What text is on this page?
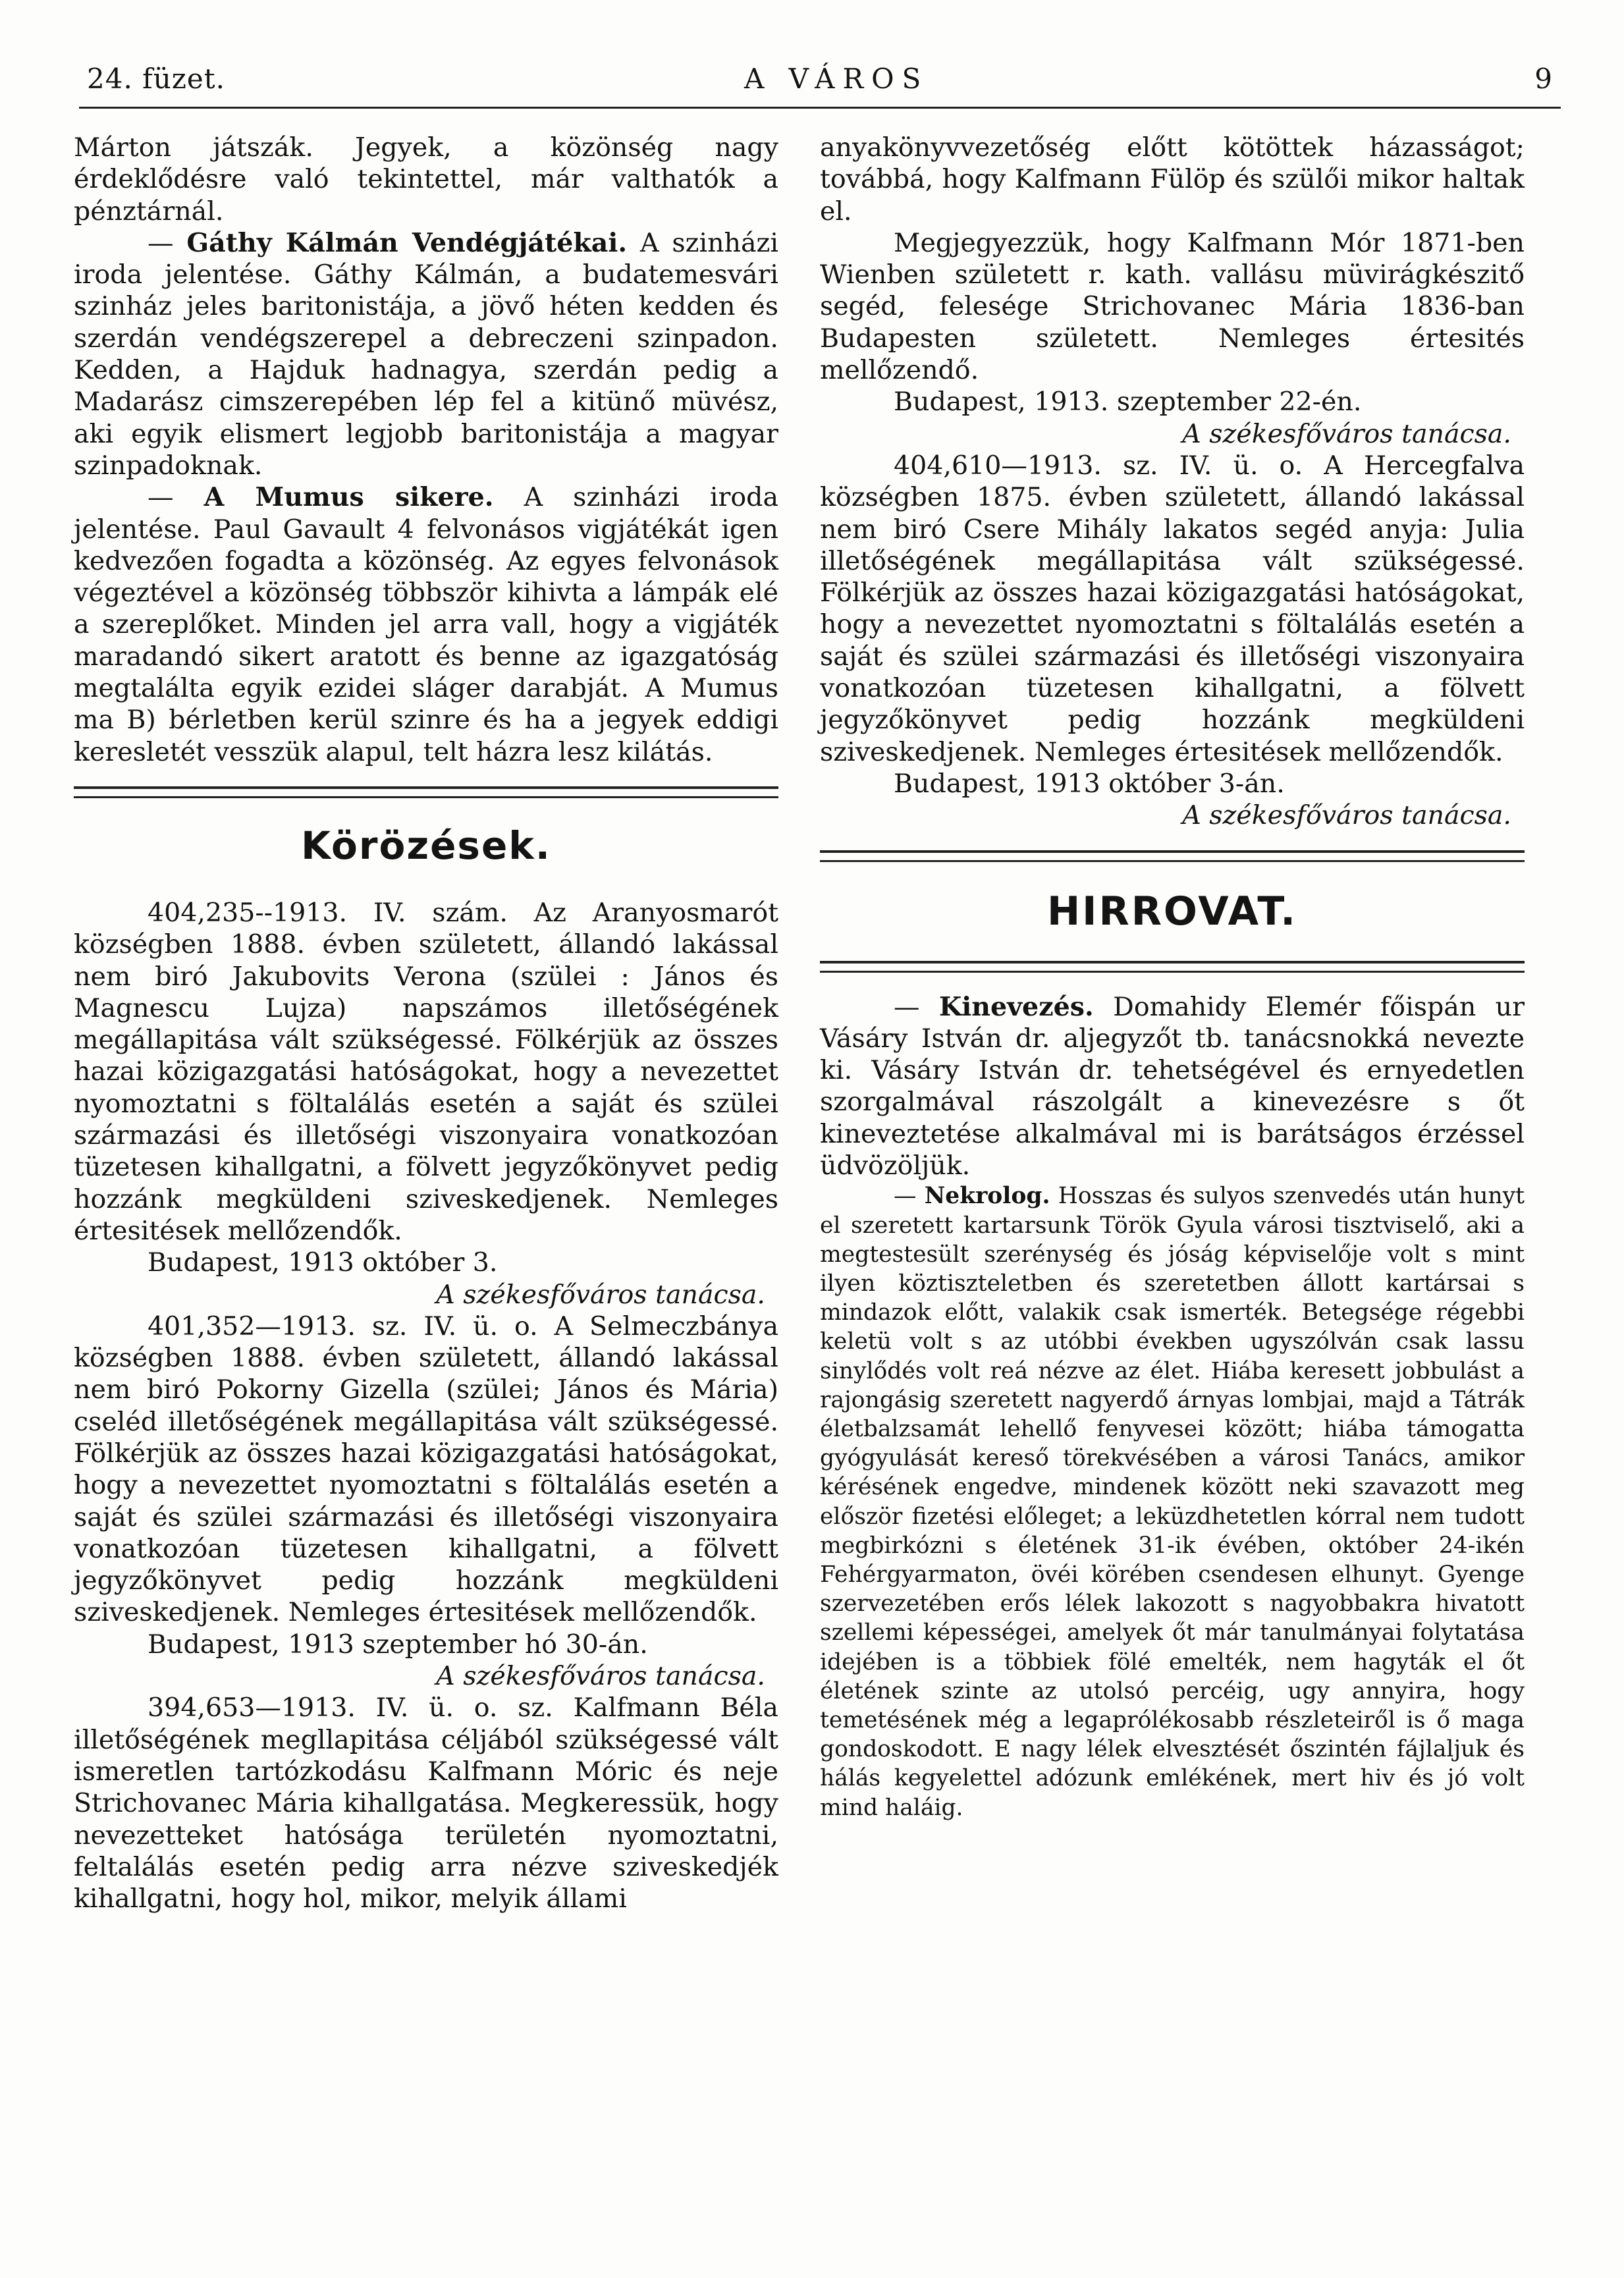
24. füzet.	A VÁROS	9

Márton játszák. Jegyek, a közönség nagy érdeklődésre való tekintettel, már valthatók a pénztárnál.

— Gáthy Kálmán Vendégjátékai. A szinházi iroda jelentése. Gáthy Kálmán, a budatemesvári szinház jeles baritonistája, a jövő héten kedden és szerdán vendégszerepel a debreczeni szinpadon. Kedden, a Hajduk hadnagya, szerdán pedig a Madarász cimszerepében lép fel a kitünő müvész, aki egyik elismert legjobb baritonistája a magyar szinpadoknak.

— A Mumus sikere. A szinházi iroda jelentése. Paul Gavault 4 felvonásos vigjátékát igen kedvezően fogadta a közönség. Az egyes felvonások végeztével a közönség többször kihivta a lámpák elé a szereplőket. Minden jel arra vall, hogy a vigjáték maradandó sikert aratott és benne az igazgatóság megtalálta egyik ezidei sláger darabját. A Mumus ma B) bérletben kerül szinre és ha a jegyek eddigi keresletét vesszük alapul, telt házra lesz kilátás.

Körözések.

404,235--1913. IV. szám. Az Aranyosmarót községben 1888. évben született, állandó lakással nem biró Jakubovits Verona (szülei : János és Magnescu Lujza) napszámos illetőségének megállapitása vált szükségessé. Fölkérjük az összes hazai közigazgatási hatóságokat, hogy a nevezettet nyomoztatni s föltalálás esetén a saját és szülei származási és illetőségi viszonyaira vonatkozóan tüzetesen kihallgatni, a fölvett jegyzőkönyvet pedig hozzánk megküldeni sziveskedjenek. Nemleges értesitések mellőzendők.

Budapest, 1913 október 3.

A székesfőváros tanácsa.

401,352—1913. sz. IV. ü. o. A Selmeczbánya községben 1888. évben született, állandó lakással nem biró Pokorny Gizella (szülei; János és Mária) cseléd illetőségének megállapitása vált szükségessé. Fölkérjük az összes hazai közigazgatási hatóságokat, hogy a nevezettet nyomoztatni s föltalálás esetén a saját és szülei származási és illetőségi viszonyaira vonatkozóan tüzetesen kihallgatni, a fölvett jegyzőkönyvet pedig hozzánk megküldeni sziveskedjenek. Nemleges értesitések mellőzendők.

Budapest, 1913 szeptember hó 30-án.

A székesfőváros tanácsa.

394,653—1913. IV. ü. o. sz. Kalfmann Béla illetőségének megllapitása céljából szükségessé vált ismeretlen tartózkodásu Kalfmann Móric és neje Strichovanec Mária kihallgatása. Megkeressük, hogy nevezetteket hatósága területén nyomoztatni, feltalálás esetén pedig arra nézve sziveskedjék kihallgatni, hogy hol, mikor, melyik állami

anyakönyvvezetőség előtt kötöttek házasságot; továbbá, hogy Kalfmann Fülöp és szülői mikor haltak el.

Megjegyezzük, hogy Kalfmann Mór 1871-ben Wienben született r. kath. vallásu müvirágkészitő segéd, felesége Strichovanec Mária 1836-ban Budapesten született. Nemleges értesités mellőzendő.

Budapest, 1913. szeptember 22-én.

A székesfőváros tanácsa.

404,610—1913. sz. IV. ü. o. A Hercegfalva községben 1875. évben született, állandó lakással nem biró Csere Mihály lakatos segéd anyja: Julia illetőségének megállapitása vált szükségessé. Fölkérjük az összes hazai közigazgatási hatóságokat, hogy a nevezettet nyomoztatni s föltalálás esetén a saját és szülei származási és illetőségi viszonyaira vonatkozóan tüzetesen kihallgatni, a fölvett jegyzőkönyvet pedig hozzánk megküldeni sziveskedjenek. Nemleges értesitések mellőzendők.

Budapest, 1913 október 3-án.

A székesfőváros tanácsa.

HIRROVAT.

— Kinevezés. Domahidy Elemér főispán ur Vásáry István dr. aljegyzőt tb. tanácsnokká nevezte ki. Vásáry István dr. tehetségével és ernyedetlen szorgalmával rászolgált a kinevezésre s őt kineveztetése alkalmával mi is barátságos érzéssel üdvözöljük.

— Nekrolog. Hosszas és sulyos szenvedés után hunyt el szeretett kartarsunk Török Gyula városi tisztviselő, aki a megtestesült szerénység és jóság képviselője volt s mint ilyen köztiszteletben és szeretetben állott kartársai s mindazok előtt, valakik csak ismerték. Betegsége régebbi keletü volt s az utóbbi években ugyszólván csak lassu sinylődés volt reá nézve az élet. Hiába keresett jobbulást a rajongásig szeretett nagyerdő árnyas lombjai, majd a Tátrák életbalzsamát lehellő fenyvesei között; hiába támogatta gyógyulását kereső törekvésében a városi Tanács, amikor kérésének engedve, mindenek között neki szavazott meg először fizetési előleget; a leküzdhetetlen kórral nem tudott megbirkózni s életének 31-ik évében, október 24-ikén Fehérgyarmaton, övéi körében csendesen elhunyt. Gyenge szervezetében erős lélek lakozott s nagyobbakra hivatott szellemi képességei, amelyek őt már tanulmányai folytatása idejében is a többiek fölé emelték, nem hagyták el őt életének szinte az utolsó percéig, ugy annyira, hogy temetésének még a legaprólékosabb részleteiről is ő maga gondoskodott. E nagy lélek elvesztését őszintén fájlaljuk és hálás kegyelettel adózunk emlékének, mert hiv és jó volt mind haláig.
